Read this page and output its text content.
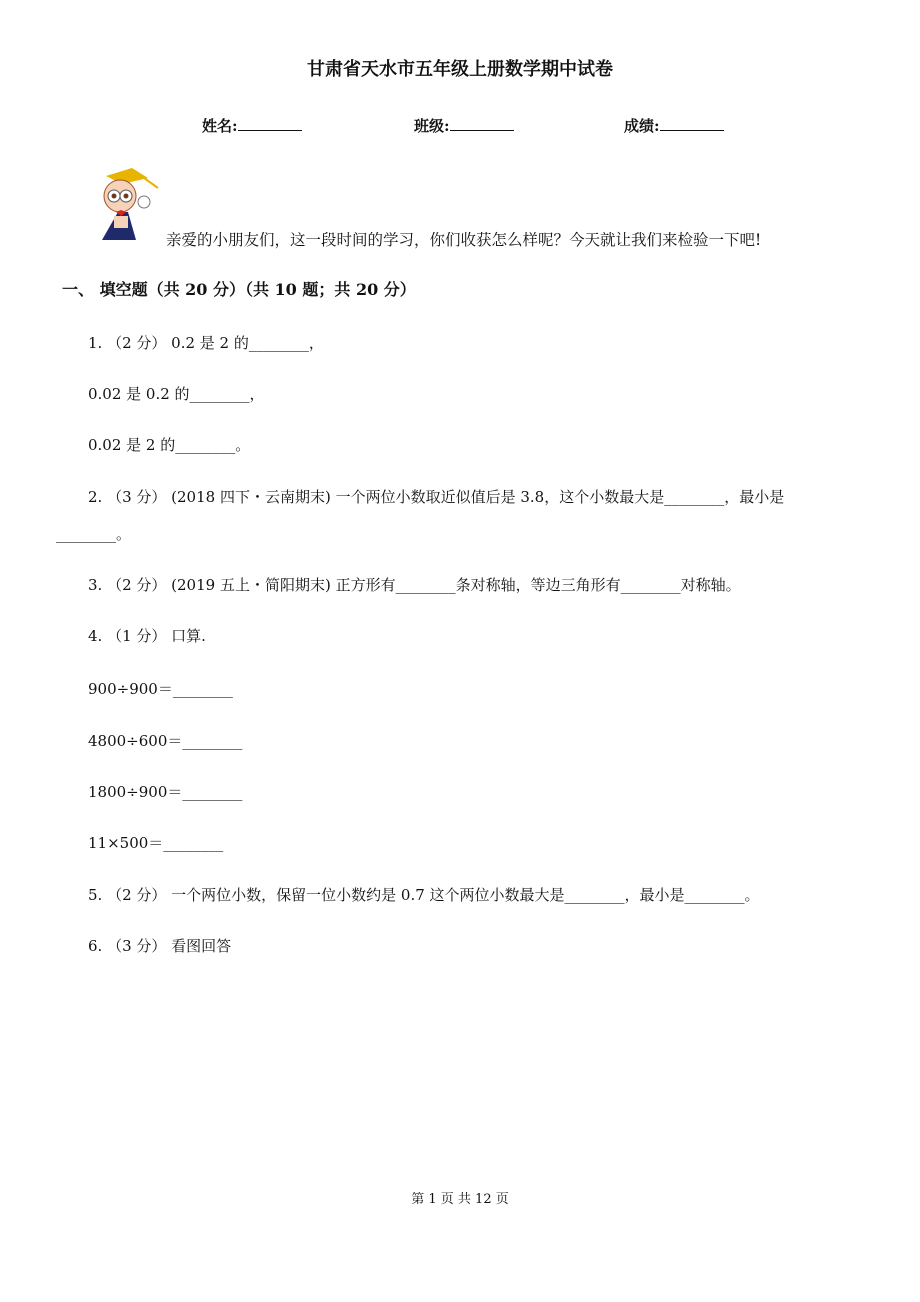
甘肃省天水市五年级上册数学期中试卷
姓名:	班级:	成绩:
亲爱的小朋友们，这一段时间的学习，你们收获怎么样呢？今天就让我们来检验一下吧!
一、 填空题（共 20 分）（共 10 题；共 20 分）
1. （2 分） 0.2 是 2 的________，
0.02 是 0.2 的________，
0.02 是 2 的________。
2. （3 分） (2018 四下・云南期末) 一个两位小数取近似值后是 3.8，这个小数最大是________，最小是
________。
3. （2 分） (2019 五上・简阳期末) 正方形有________条对称轴，等边三角形有________对称轴。
4. （1 分） 口算.
900÷900＝________
4800÷600＝________
1800÷900＝________
11×500＝________
5. （2 分） 一个两位小数，保留一位小数约是 0.7 这个两位小数最大是________，最小是________。
6. （3 分） 看图回答
第 1 页 共 12 页
